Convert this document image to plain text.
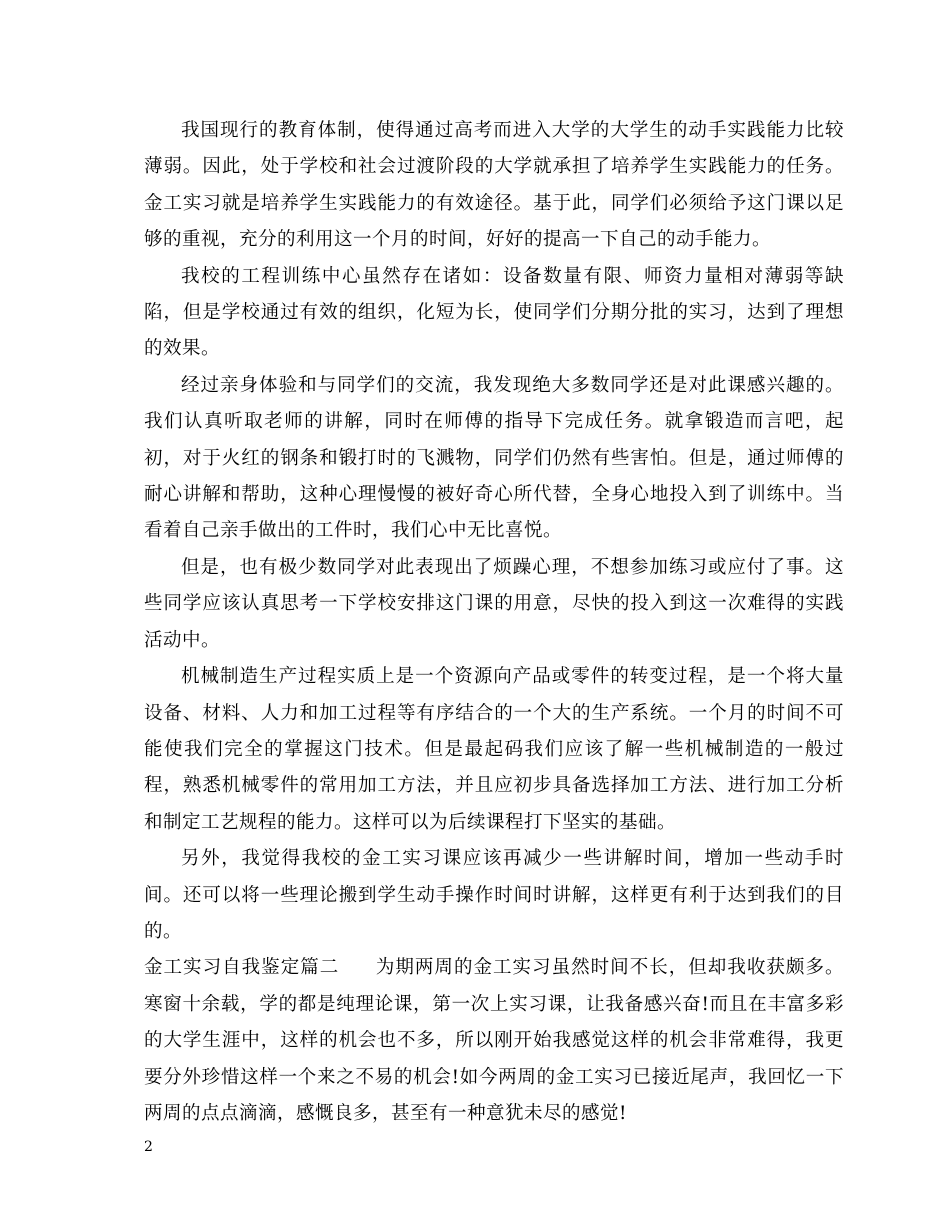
我国现行的教育体制，使得通过高考而进入大学的大学生的动手实践能力比较薄弱。因此，处于学校和社会过渡阶段的大学就承担了培养学生实践能力的任务。金工实习就是培养学生实践能力的有效途径。基于此，同学们必须给予这门课以足够的重视，充分的利用这一个月的时间，好好的提高一下自己的动手能力。

我校的工程训练中心虽然存在诸如：设备数量有限、师资力量相对薄弱等缺陷，但是学校通过有效的组织，化短为长，使同学们分期分批的实习，达到了理想的效果。

经过亲身体验和与同学们的交流，我发现绝大多数同学还是对此课感兴趣的。我们认真听取老师的讲解，同时在师傅的指导下完成任务。就拿锻造而言吧，起初，对于火红的钢条和锻打时的飞溅物，同学们仍然有些害怕。但是，通过师傅的耐心讲解和帮助，这种心理慢慢的被好奇心所代替，全身心地投入到了训练中。当看着自己亲手做出的工件时，我们心中无比喜悦。

但是，也有极少数同学对此表现出了烦躁心理，不想参加练习或应付了事。这些同学应该认真思考一下学校安排这门课的用意，尽快的投入到这一次难得的实践活动中。

机械制造生产过程实质上是一个资源向产品或零件的转变过程，是一个将大量设备、材料、人力和加工过程等有序结合的一个大的生产系统。一个月的时间不可能使我们完全的掌握这门技术。但是最起码我们应该了解一些机械制造的一般过程，熟悉机械零件的常用加工方法，并且应初步具备选择加工方法、进行加工分析和制定工艺规程的能力。这样可以为后续课程打下坚实的基础。

另外，我觉得我校的金工实习课应该再减少一些讲解时间，增加一些动手时间。还可以将一些理论搬到学生动手操作时间时讲解，这样更有利于达到我们的目的。

金工实习自我鉴定篇二 为期两周的金工实习虽然时间不长，但却我收获颇多。寒窗十余载，学的都是纯理论课，第一次上实习课，让我备感兴奋!而且在丰富多彩的大学生涯中，这样的机会也不多，所以刚开始我感觉这样的机会非常难得，我更要分外珍惜这样一个来之不易的机会!如今两周的金工实习已接近尾声，我回忆一下两周的点点滴滴，感慨良多，甚至有一种意犹未尽的感觉!

2
